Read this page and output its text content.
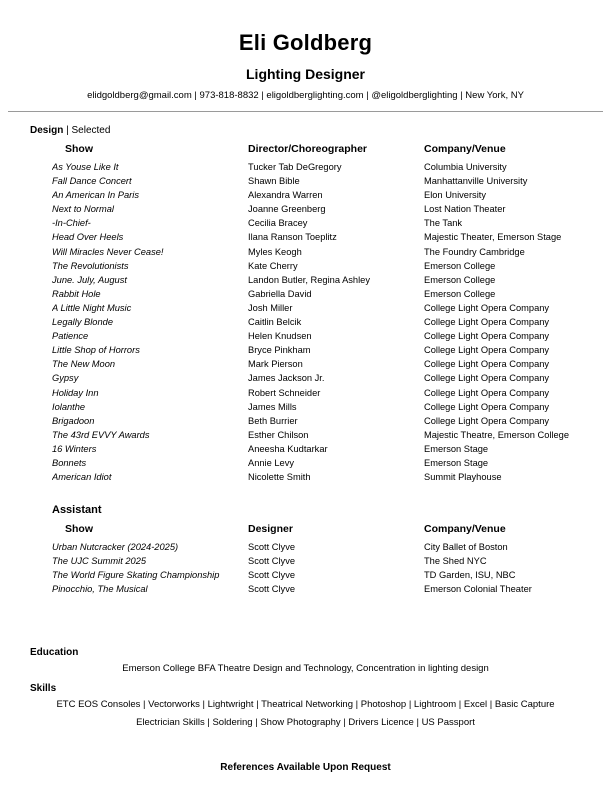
Eli Goldberg
Lighting Designer
elidgoldberg@gmail.com | 973-818-8832 | eligoldberglighting.com | @eligoldberglighting | New York, NY
Design | Selected
Show	Director/Choreographer	Company/Venue
As Youse Like It	Tucker Tab DeGregory	Columbia University
Fall Dance Concert	Shawn Bible	Manhattanville University
An American In Paris	Alexandra Warren	Elon University
Next to Normal	Joanne Greenberg	Lost Nation Theater
-In-Chief-	Cecilia Bracey	The Tank
Head Over Heels	Ilana Ranson Toeplitz	Majestic Theater, Emerson Stage
Will Miracles Never Cease!	Myles Keogh	The Foundry Cambridge
The Revolutionists	Kate Cherry	Emerson College
June. July, August	Landon Butler, Regina Ashley	Emerson College
Rabbit Hole	Gabriella David	Emerson College
A Little Night Music	Josh Miller	College Light Opera Company
Legally Blonde	Caitlin Belcik	College Light Opera Company
Patience	Helen Knudsen	College Light Opera Company
Little Shop of Horrors	Bryce Pinkham	College Light Opera Company
The New Moon	Mark Pierson	College Light Opera Company
Gypsy	James Jackson Jr.	College Light Opera Company
Holiday Inn	Robert Schneider	College Light Opera Company
Iolanthe	James Mills	College Light Opera Company
Brigadoon	Beth Burrier	College Light Opera Company
The 43rd EVVY Awards	Esther Chilson	Majestic Theatre, Emerson College
16 Winters	Aneesha Kudtarkar	Emerson Stage
Bonnets	Annie Levy	Emerson Stage
American Idiot	Nicolette Smith	Summit Playhouse
Assistant
Show	Designer	Company/Venue
Urban Nutcracker (2024-2025)	Scott Clyve	City Ballet of Boston
The UJC Summit 2025	Scott Clyve	The Shed NYC
The World Figure Skating Championship	Scott Clyve	TD Garden, ISU, NBC
Pinocchio, The Musical	Scott Clyve	Emerson Colonial Theater
Education
Emerson College BFA Theatre Design and Technology, Concentration in lighting design
Skills
ETC EOS Consoles | Vectorworks | Lightwright | Theatrical Networking | Photoshop | Lightroom | Excel | Basic Capture
Electrician Skills | Soldering | Show Photography | Drivers Licence | US Passport
References Available Upon Request
